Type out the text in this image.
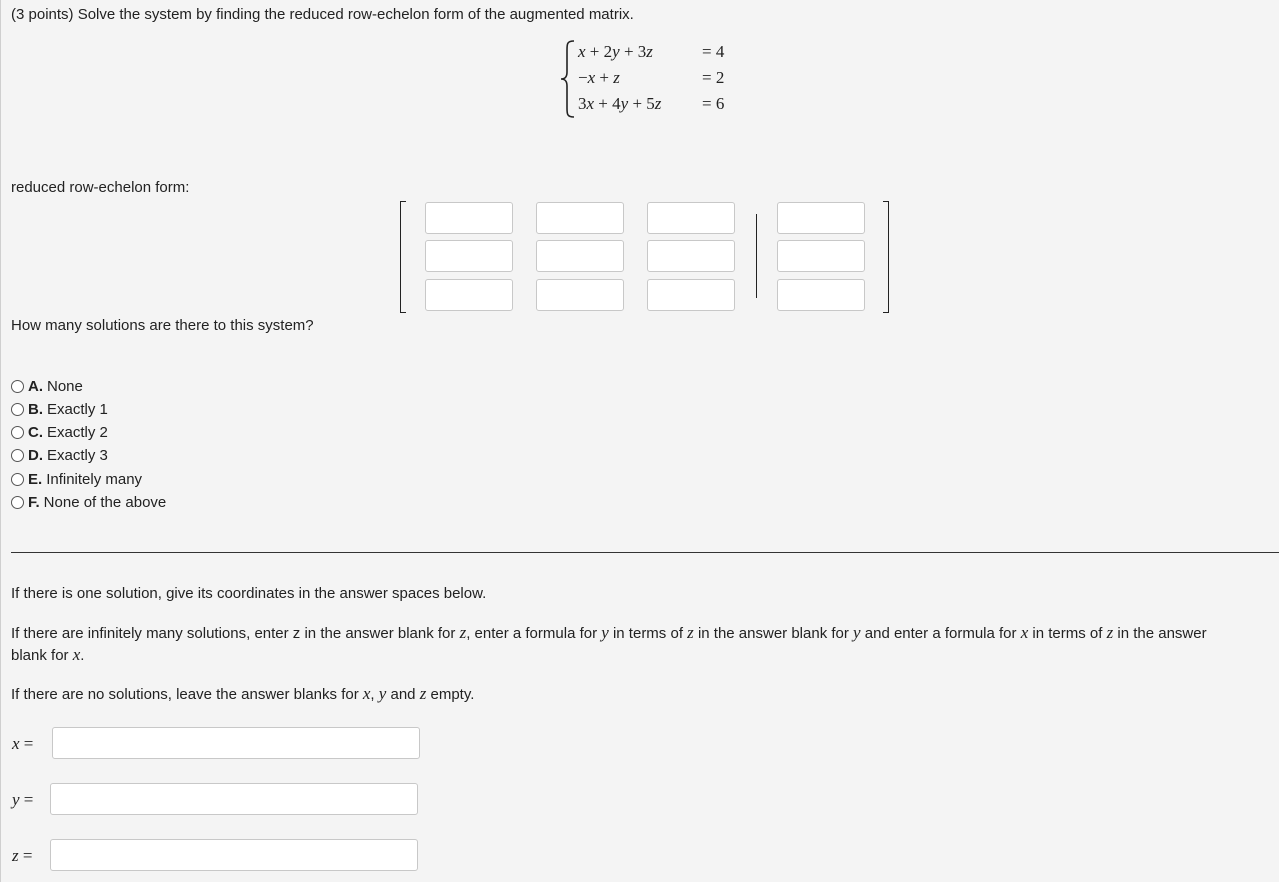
(3 points) Solve the system by finding the reduced row-echelon form of the augmented matrix.
x + 2y + 3z	= 4
−x + z	= 2
3x + 4y + 5z = 6
reduced row-echelon form:
How many solutions are there to this system?
A. None
B. Exactly 1
C. Exactly 2
D. Exactly 3
E. Infinitely many
F. None of the above
If there is one solution, give its coordinates in the answer spaces below.
If there are infinitely many solutions, enter z in the answer blank for z, enter a formula for y in terms of z in the answer blank for y and enter a formula for x in terms of z in the answer
blank for x.
If there are no solutions, leave the answer blanks for x, y and z empty.
x =
y =
z =
